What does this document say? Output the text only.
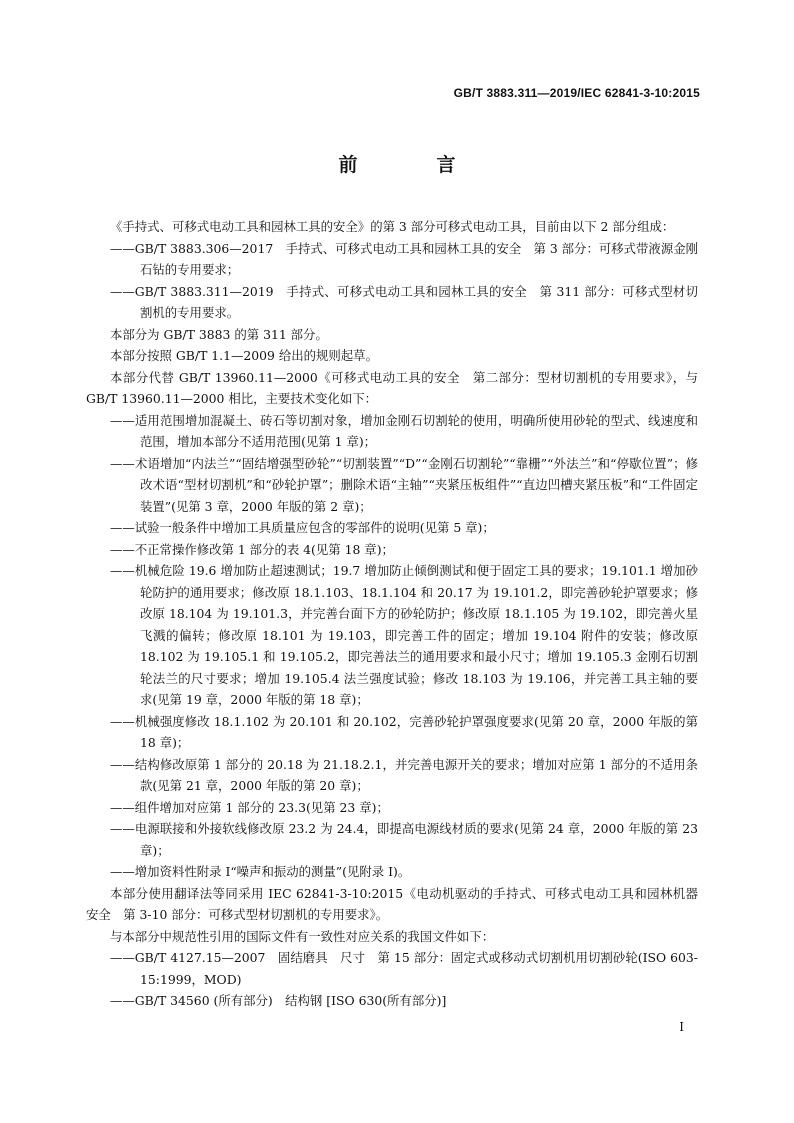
GB/T 3883.311—2019/IEC 62841-3-10:2015
前　言

《手持式、可移式电动工具和园林工具的安全》的第 3 部分可移式电动工具，目前由以下 2 部分组成：

——GB/T 3883.306—2017　手持式、可移式电动工具和园林工具的安全　第 3 部分：可移式带液源金刚石钻的专用要求；

——GB/T 3883.311—2019　手持式、可移式电动工具和园林工具的安全　第 311 部分：可移式型材切割机的专用要求。

本部分为 GB/T 3883 的第 311 部分。

本部分按照 GB/T 1.1—2009 给出的规则起草。

本部分代替 GB/T 13960.11—2000《可移式电动工具的安全　第二部分：型材切割机的专用要求》，与 GB/T 13960.11—2000 相比，主要技术变化如下：

——适用范围增加混凝土、砖石等切割对象，增加金刚石切割轮的使用，明确所使用砂轮的型式、线速度和范围，增加本部分不适用范围(见第 1 章)；

——术语增加“内法兰”“固结增强型砂轮”“切割装置”“D”“金刚石切割轮”“靠栅”“外法兰”和“停歇位置”；修改术语“型材切割机”和“砂轮护罩”；删除术语“主轴”“夹紧压板组件”“直边凹槽夹紧压板”和“工件固定装置”(见第 3 章，2000 年版的第 2 章)；

——试验一般条件中增加工具质量应包含的零部件的说明(见第 5 章)；

——不正常操作修改第 1 部分的表 4(见第 18 章)；

——机械危险 19.6 增加防止超速测试；19.7 增加防止倾倒测试和便于固定工具的要求；19.101.1 增加砂轮防护的通用要求；修改原 18.1.103、18.1.104 和 20.17 为 19.101.2，即完善砂轮护罩要求；修改原 18.104 为 19.101.3，并完善台面下方的砂轮防护；修改原 18.1.105 为 19.102，即完善火星飞溅的偏转；修改原 18.101 为 19.103，即完善工件的固定；增加 19.104 附件的安装；修改原 18.102 为 19.105.1 和 19.105.2，即完善法兰的通用要求和最小尺寸；增加 19.105.3 金刚石切割轮法兰的尺寸要求；增加 19.105.4 法兰强度试验；修改 18.103 为 19.106，并完善工具主轴的要求(见第 19 章，2000 年版的第 18 章)；

——机械强度修改 18.1.102 为 20.101 和 20.102，完善砂轮护罩强度要求(见第 20 章，2000 年版的第 18 章)；

——结构修改原第 1 部分的 20.18 为 21.18.2.1，并完善电源开关的要求；增加对应第 1 部分的不适用条款(见第 21 章，2000 年版的第 20 章)；

——组件增加对应第 1 部分的 23.3(见第 23 章)；

——电源联接和外接软线修改原 23.2 为 24.4，即提高电源线材质的要求(见第 24 章，2000 年版的第 23 章)；

——增加资料性附录 I“噪声和振动的测量”(见附录 I)。

本部分使用翻译法等同采用 IEC 62841-3-10:2015《电动机驱动的手持式、可移式电动工具和园林机器　安全　第 3-10 部分：可移式型材切割机的专用要求》。

与本部分中规范性引用的国际文件有一致性对应关系的我国文件如下：

——GB/T 4127.15—2007　固结磨具　尺寸　第 15 部分：固定式或移动式切割机用切割砂轮(ISO 603-15:1999，MOD)

——GB/T 34560 (所有部分)　结构钢 [ISO 630(所有部分)]

I
